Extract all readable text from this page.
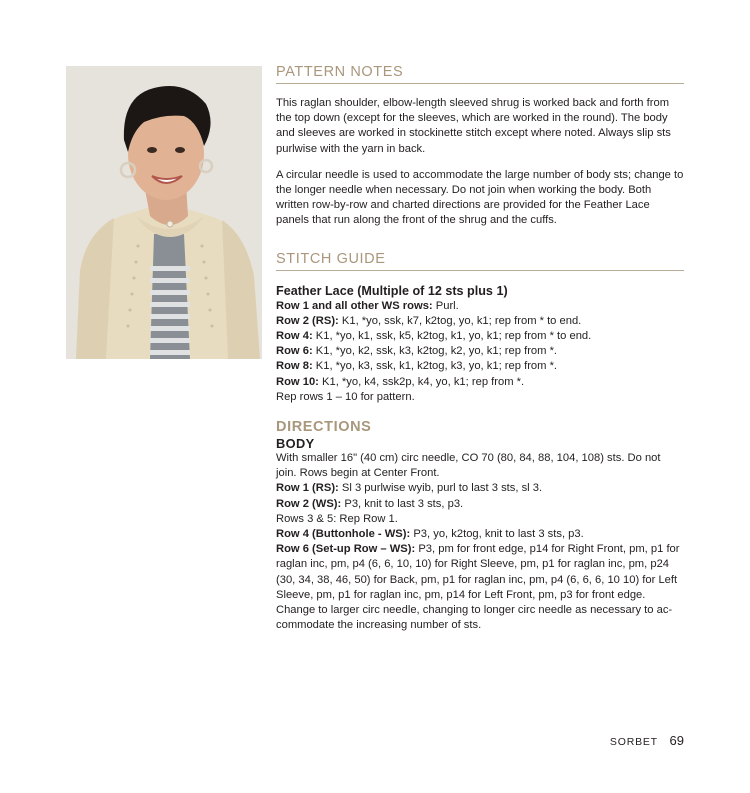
PATTERN NOTES

This raglan shoulder, elbow-length sleeved shrug is worked back and forth from the top down (except for the sleeves, which are worked in the round). The body and sleeves are worked in stockinette stitch except where noted. Always slip sts purlwise with the yarn in back.

A circular needle is used to accommodate the large number of body sts; change to the longer needle when necessary. Do not join when working the body. Both written row-by-row and charted directions are provided for the Feather Lace panels that run along the front of the shrug and the cuffs.

STITCH GUIDE
Feather Lace (Multiple of 12 sts plus 1)

Row 1 and all other WS rows: Purl.

Row 2 (RS): K1, *yo, ssk, k7, k2tog, yo, k1; rep from * to end.

Row 4: K1, *yo, k1, ssk, k5, k2tog, k1, yo, k1; rep from * to end.

Row 6: K1, *yo, k2, ssk, k3, k2tog, k2, yo, k1; rep from *.

Row 8: K1, *yo, k3, ssk, k1, k2tog, k3, yo, k1; rep from *.

Row 10: K1, *yo, k4, ssk2p, k4, yo, k1; rep from *.

Rep rows 1 – 10 for pattern.

DIRECTIONS
BODY

With smaller 16" (40 cm) circ needle, CO 70 (80, 84, 88, 104, 108) sts. Do not join. Rows begin at Center Front.

Row 1 (RS): Sl 3 purlwise wyib, purl to last 3 sts, sl 3.

Row 2 (WS): P3, knit to last 3 sts, p3.

Rows 3 & 5: Rep Row 1.

Row 4 (Buttonhole - WS): P3, yo, k2tog, knit to last 3 sts, p3.

Row 6 (Set-up Row – WS): P3, pm for front edge, p14 for Right Front, pm, p1 for raglan inc, pm, p4 (6, 6, 10, 10) for Right Sleeve, pm, p1 for raglan inc, pm, p24 (30, 34, 38, 46, 50) for Back, pm, p1 for raglan inc, pm, p4 (6, 6, 6, 10 10) for Left Sleeve, pm, p1 for raglan inc, pm, p14 for Left Front, pm, p3 for front edge.

Change to larger circ needle, changing to longer circ needle as necessary to ac-commodate the increasing number of sts.

SORBET 69
